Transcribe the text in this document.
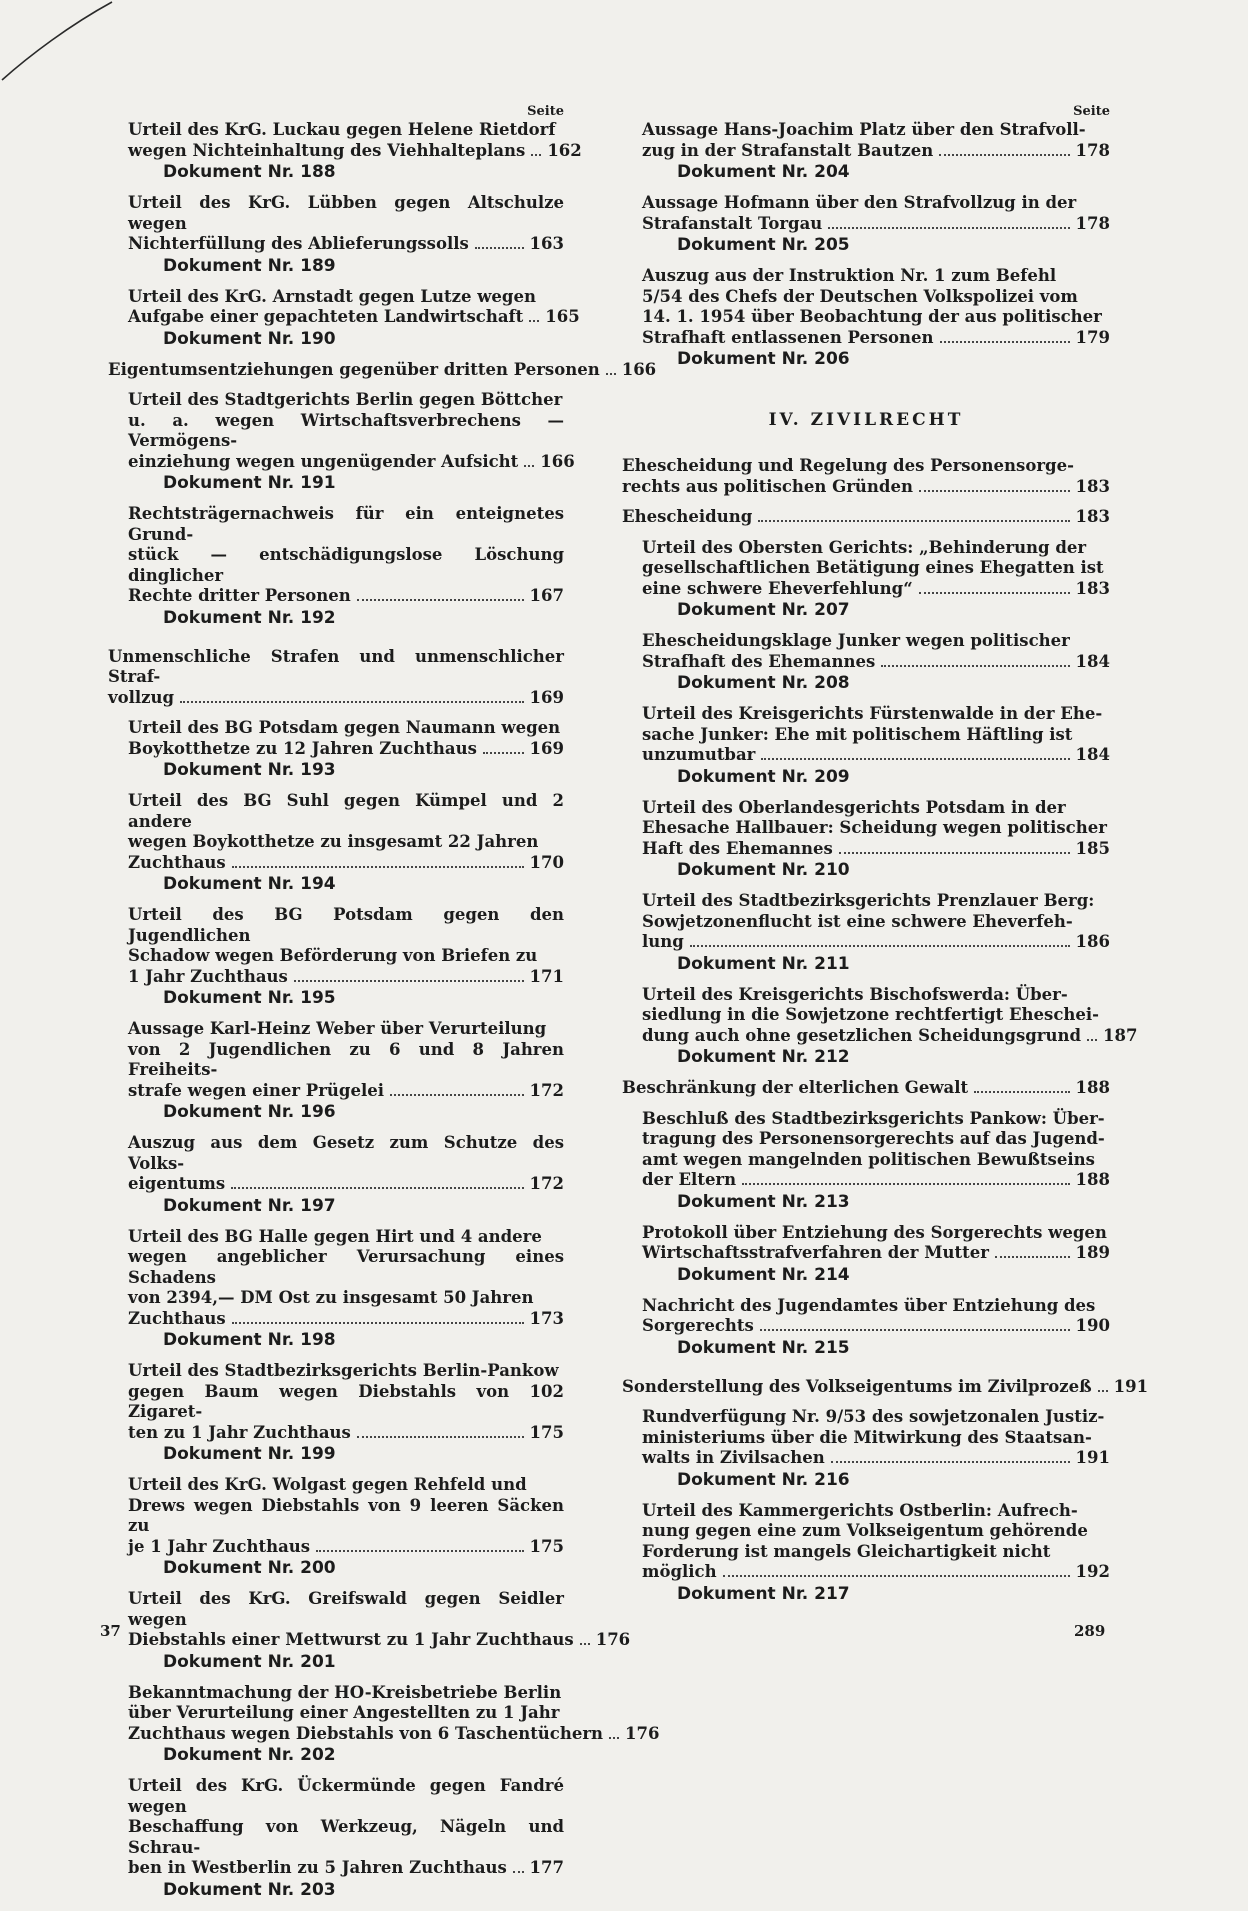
Seite
Urteil des KrG. Luckau gegen Helene Rietdorf
wegen Nichteinhaltung des Viehhalteplans 162
Dokument Nr. 188
Urteil des KrG. Lübben gegen Altschulze wegen
Nichterfüllung des Ablieferungssolls	163
Dokument Nr. 189
Urteil des KrG. Arnstadt gegen Lutze wegen
Aufgabe einer gepachteten Landwirtschaft 165
Dokument Nr. 190
Eigentumsentziehungen gegenüber dritten Personen 166
Urteil des Stadtgerichts Berlin gegen Böttcher
u. a. wegen Wirtschaftsverbrechens — Vermögens-
einziehung wegen ungenügender Aufsicht 166
Dokument Nr. 191
Rechtsträgernachweis für ein enteignetes Grund-
stück — entschädigungslose Löschung dinglicher
Rechte dritter Personen	167
Dokument Nr. 192
Unmenschliche Strafen und unmenschlicher Straf-
vollzug	169
Urteil des BG Potsdam gegen Naumann wegen
Boykotthetze zu 12 Jahren Zuchthaus	169
Dokument Nr. 193
Urteil des BG Suhl gegen Kümpel und 2 andere
wegen Boykotthetze zu insgesamt 22 Jahren
Zuchthaus	170
Dokument Nr. 194
Urteil des BG Potsdam gegen den Jugendlichen
Schadow wegen Beförderung von Briefen zu
1 Jahr Zuchthaus	171
Dokument Nr. 195
Aussage Karl-Heinz Weber über Verurteilung
von 2 Jugendlichen zu 6 und 8 Jahren Freiheits-
strafe wegen einer Prügelei	172
Dokument Nr. 196
Auszug aus dem Gesetz zum Schutze des Volks-
eigentums	172
Dokument Nr. 197
Urteil des BG Halle gegen Hirt und 4 andere
wegen angeblicher Verursachung eines Schadens
von 2394,— DM Ost zu insgesamt 50 Jahren
Zuchthaus	173
Dokument Nr. 198
Urteil des Stadtbezirksgerichts Berlin-Pankow
gegen Baum wegen Diebstahls von 102 Zigaret-
ten zu 1 Jahr Zuchthaus	175
Dokument Nr. 199
Urteil des KrG. Wolgast gegen Rehfeld und
Drews wegen Diebstahls von 9 leeren Säcken zu
je 1 Jahr Zuchthaus	175
Dokument Nr. 200
Urteil des KrG. Greifswald gegen Seidler wegen
Diebstahls einer Mettwurst zu 1 Jahr Zuchthaus 176
Dokument Nr. 201
Bekanntmachung der HO-Kreisbetriebe Berlin
über Verurteilung einer Angestellten zu 1 Jahr
Zuchthaus wegen Diebstahls von 6 Taschentüchern 176
Dokument Nr. 202
Urteil des KrG. Ückermünde gegen Fandré wegen
Beschaffung von Werkzeug, Nägeln und Schrau-
ben in Westberlin zu 5 Jahren Zuchthaus 177
Dokument Nr. 203
Seite
Aussage Hans-Joachim Platz über den Strafvoll-
zug in der Strafanstalt Bautzen	178
Dokument Nr. 204
Aussage Hofmann über den Strafvollzug in der
Strafanstalt Torgau	178
Dokument Nr. 205
Auszug aus der Instruktion Nr. 1 zum Befehl
5/54 des Chefs der Deutschen Volkspolizei vom
14. 1. 1954 über Beobachtung der aus politischer
Strafhaft entlassenen Personen	179
Dokument Nr. 206
IV. ZIVILRECHT
Ehescheidung und Regelung des Personensorge-
rechts aus politischen Gründen	183
Ehescheidung	183
Urteil des Obersten Gerichts: „Behinderung der
gesellschaftlichen Betätigung eines Ehegatten ist
eine schwere Eheverfehlung“	183
Dokument Nr. 207
Ehescheidungsklage Junker wegen politischer
Strafhaft des Ehemannes	184
Dokument Nr. 208
Urteil des Kreisgerichts Fürstenwalde in der Ehe-
sache Junker: Ehe mit politischem Häftling ist
unzumutbar	184
Dokument Nr. 209
Urteil des Oberlandesgerichts Potsdam in der
Ehesache Hallbauer: Scheidung wegen politischer
Haft des Ehemannes	185
Dokument Nr. 210
Urteil des Stadtbezirksgerichts Prenzlauer Berg:
Sowjetzonenflucht ist eine schwere Eheverfeh-
lung	186
Dokument Nr. 211
Urteil des Kreisgerichts Bischofswerda: Über-
siedlung in die Sowjetzone rechtfertigt Eheschei-
dung auch ohne gesetzlichen Scheidungsgrund 187
Dokument Nr. 212
Beschränkung der elterlichen Gewalt	188
Beschluß des Stadtbezirksgerichts Pankow: Über-
tragung des Personensorgerechts auf das Jugend-
amt wegen mangelnden politischen Bewußtseins
der Eltern	188
Dokument Nr. 213
Protokoll über Entziehung des Sorgerechts wegen
Wirtschaftsstrafverfahren der Mutter	189
Dokument Nr. 214
Nachricht des Jugendamtes über Entziehung des
Sorgerechts	190
Dokument Nr. 215
Sonderstellung des Volkseigentums im Zivilprozeß 191
Rundverfügung Nr. 9/53 des sowjetzonalen Justiz-
ministeriums über die Mitwirkung des Staatsan-
walts in Zivilsachen	191
Dokument Nr. 216
Urteil des Kammergerichts Ostberlin: Aufrech-
nung gegen eine zum Volkseigentum gehörende
Forderung ist mangels Gleichartigkeit nicht
möglich	192
Dokument Nr. 217
37	289
